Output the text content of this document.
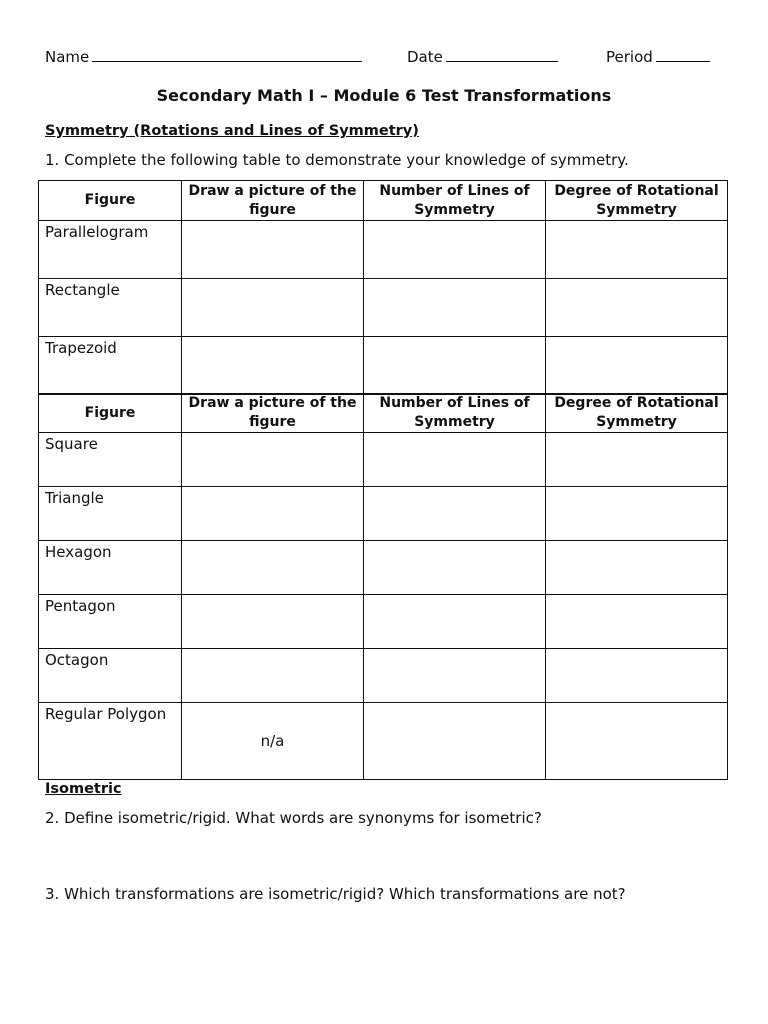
Name	Date	Period
Secondary Math I – Module 6 Test Transformations
Symmetry (Rotations and Lines of Symmetry)
1. Complete the following table to demonstrate your knowledge of symmetry.
Figure	Draw a picture of the figure	Number of Lines of Symmetry	Degree of Rotational Symmetry
Parallelogram			
Rectangle			
Trapezoid			
Figure	Draw a picture of the figure	Number of Lines of Symmetry	Degree of Rotational Symmetry
Square			
Triangle			
Hexagon			
Pentagon			
Octagon			
Regular Polygon	n/a		
Isometric
2. Define isometric/rigid. What words are synonyms for isometric?
3. Which transformations are isometric/rigid? Which transformations are not?
